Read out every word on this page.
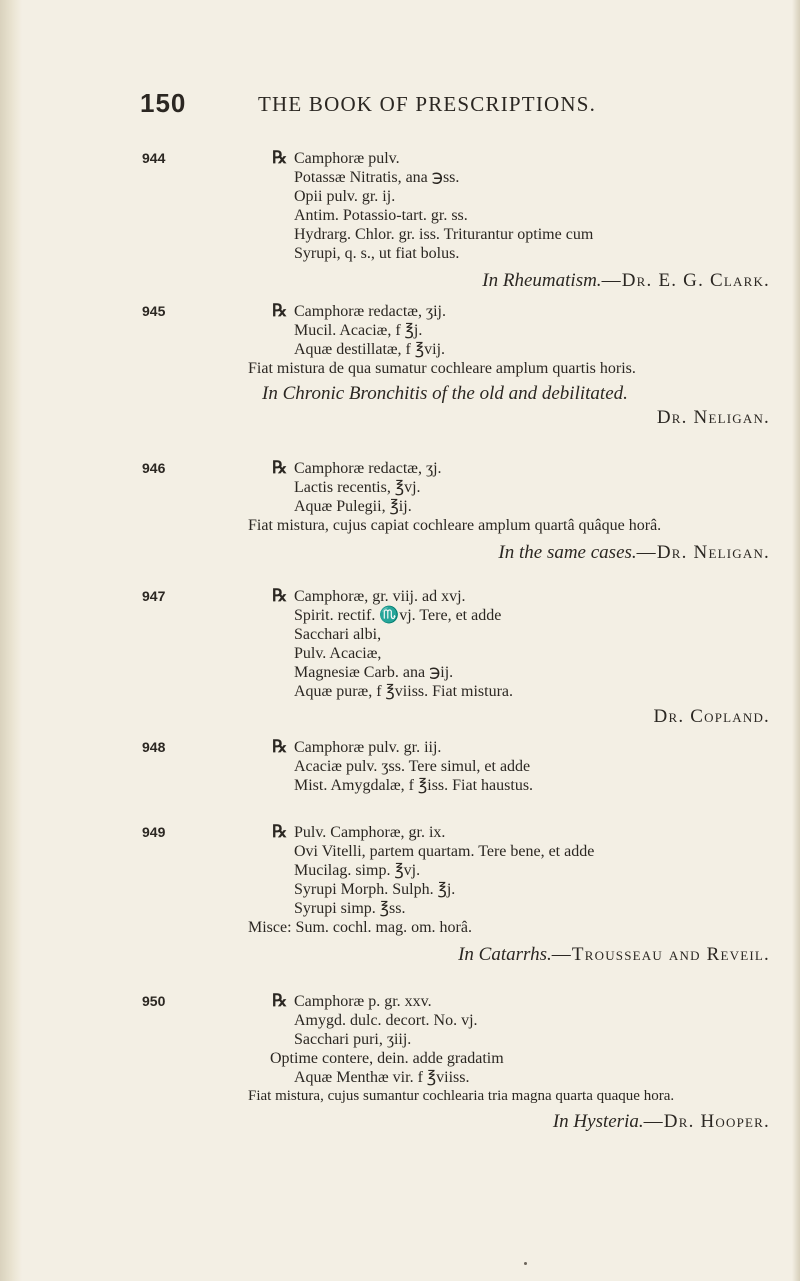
150	THE BOOK OF PRESCRIPTIONS.
944	℞ Camphoræ pulv.
Potassæ Nitratis, ana ℈ss.
Opii pulv. gr. ij.
Antim. Potassio-tart. gr. ss.
Hydrarg. Chlor. gr. iss. Triturantur optime cum
Syrupi, q. s., ut fiat bolus.
In Rheumatism.—Dr. E. G. Clark.
945	℞ Camphoræ redactæ, ʒij.
Mucil. Acaciæ, f ℥j.
Aquæ destillatæ, f ℥vij.
Fiat mistura de qua sumatur cochleare amplum quartis horis.
In Chronic Bronchitis of the old and debilitated.
Dr. Neligan.
946	℞ Camphoræ redactæ, ʒj.
Lactis recentis, ℥vj.
Aquæ Pulegii, ℥ij.
Fiat mistura, cujus capiat cochleare amplum quartâ quâque horâ.
In the same cases.—Dr. Neligan.
947	℞ Camphoræ, gr. viij. ad xvj.
Spirit. rectif. ♏vj. Tere, et adde
Sacchari albi,
Pulv. Acaciæ,
Magnesiæ Carb. ana ℈ij.
Aquæ puræ, f ℥viiss. Fiat mistura.
Dr. Copland.
948	℞ Camphoræ pulv. gr. iij.
Acaciæ pulv. ʒss. Tere simul, et adde
Mist. Amygdalæ, f ℥iss. Fiat haustus.
949	℞ Pulv. Camphoræ, gr. ix.
Ovi Vitelli, partem quartam. Tere bene, et adde
Mucilag. simp. ℥vj.
Syrupi Morph. Sulph. ℥j.
Syrupi simp. ℥ss.
Misce: Sum. cochl. mag. om. horâ.
In Catarrhs.—Trousseau and Reveil.
950	℞ Camphoræ p. gr. xxv.
Amygd. dulc. decort. No. vj.
Sacchari puri, ʒiij.
Optime contere, dein. adde gradatim
Aquæ Menthæ vir. f ℥viiss.
Fiat mistura, cujus sumantur cochlearia tria magna quarta quaque hora.
In Hysteria.—Dr. Hooper.
